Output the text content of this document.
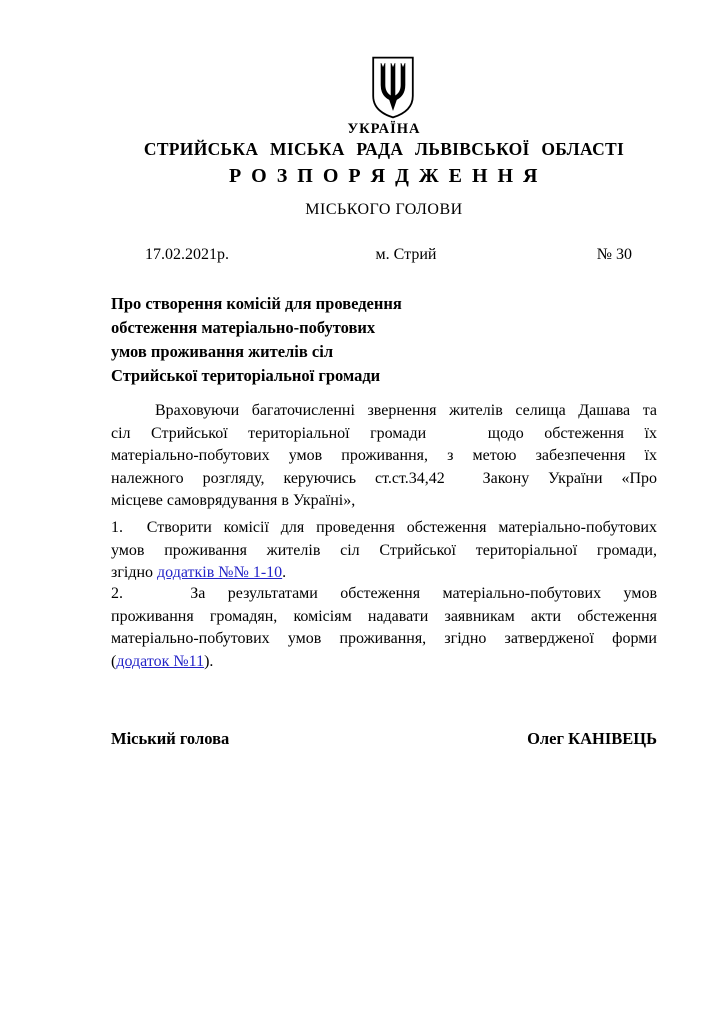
УКРАЇНА
СТРИЙСЬКА МІСЬКА РАДА ЛЬВІВСЬКОЇ ОБЛАСТІ
Р О З П О Р Я Д Ж Е Н Н Я
МІСЬКОГО ГОЛОВИ
17.02.2021р.	м. Стрий	№ 30
Про створення комісій для проведення
обстеження матеріально-побутових
умов проживання жителів сіл
Стрийської територіальної громади
Враховуючи багаточисленні звернення жителів селища Дашава та
сіл Стрийської територіальної громади   щодо обстеження їх
матеріально-побутових умов проживання, з метою забезпечення їх
належного розгляду, керуючись ст.ст.34,42  Закону України «Про
місцеве самоврядування в Україні»,
1.  Створити комісії для проведення обстеження матеріально-побутових
умов проживання жителів сіл Стрийської територіальної громади,
згідно додатків №№ 1-10.
2.   За результатами обстеження матеріально-побутових умов
проживання громадян, комісіям надавати заявникам акти обстеження
матеріально-побутових умов проживання, згідно затвердженої форми
(додаток №11).
Міський голова	Олег КАНІВЕЦЬ
